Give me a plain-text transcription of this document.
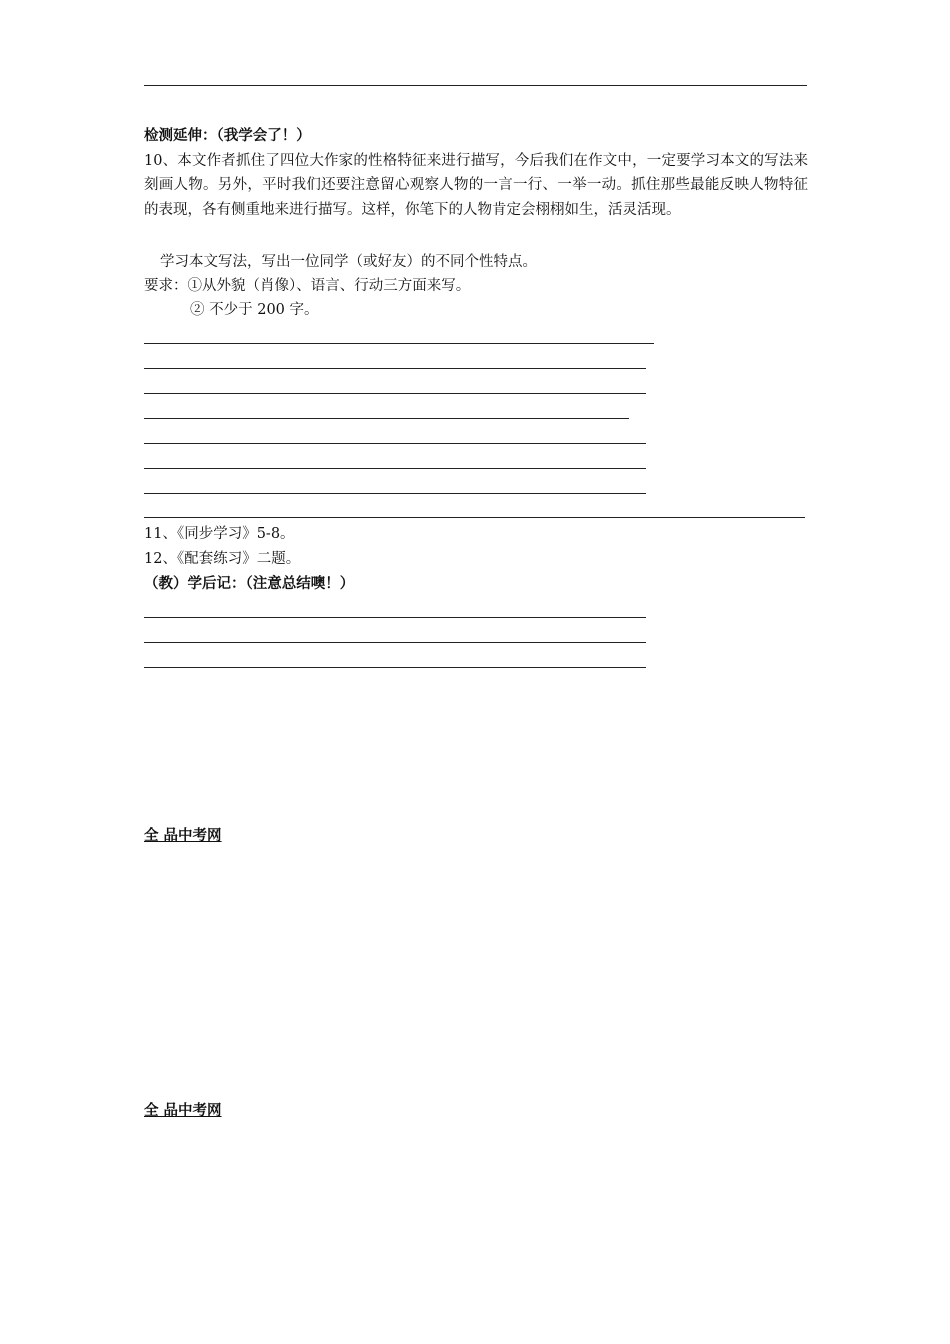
检测延伸：（我学会了！）

10、本文作者抓住了四位大作家的性格特征来进行描写，今后我们在作文中，一定要学习本文的写法来刻画人物。另外，平时我们还要注意留心观察人物的一言一行、一举一动。抓住那些最能反映人物特征的表现，各有侧重地来进行描写。这样，你笔下的人物肯定会栩栩如生，活灵活现。

学习本文写法，写出一位同学（或好友）的不同个性特点。
要求：①从外貌（肖像）、语言、行动三方面来写。
② 不少于 200 字。
11、《同步学习》5-8。
12、《配套练习》二题。
（教）学后记：（注意总结噢！）
全 品中考网
全 品中考网
